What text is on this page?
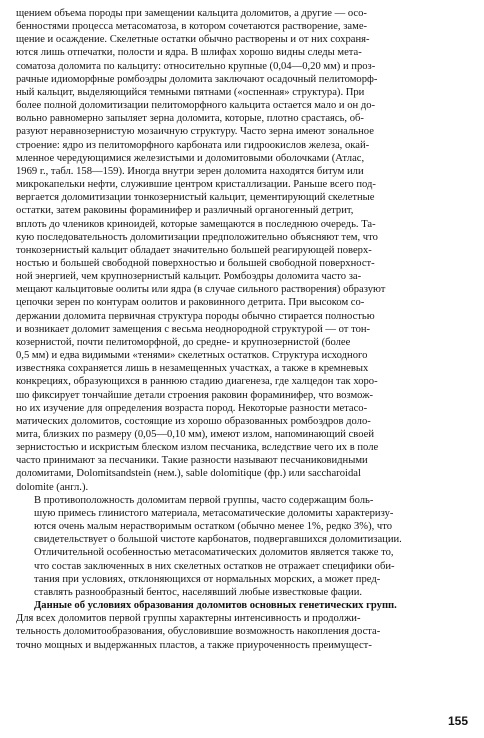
щением объема породы при замещении кальцита доломитов, а другие — осо-
бенностями процесса метасоматоза, в котором сочетаются растворение, заме-
щение и осаждение. Скелетные остатки обычно растворены и от них сохраня-
ются лишь отпечатки, полости и ядра. В шлифах хорошо видны следы мета-
соматоза доломита по кальциту: относительно крупные (0,04—0,20 мм) и проз-
рачные идиоморфные ромбоэдры доломита заключают осадочный пелитоморф-
ный кальцит, выделяющийся темными пятнами («оспенная» структура). При
более полной доломитизации пелитоморфного кальцита остается мало и он до-
вольно равномерно запыляет зерна доломита, которые, плотно срастаясь, об-
разуют неравнозернистую мозаичную структуру. Часто зерна имеют зональное
строение: ядро из пелитоморфного карбоната или гидроокислов железа, окай-
мленное чередующимися железистыми и доломитовыми оболочками (Атлас,
1969 г., табл. 158—159). Иногда внутри зерен доломита находятся битум или
микрокапельки нефти, служившие центром кристаллизации. Раньше всего под-
вергается доломитизации тонкозернистый кальцит, цементирующий скелетные
остатки, затем раковины фораминифер и различный органогенный детрит,
вплоть до члеников криноидей, которые замещаются в последнюю очередь. Та-
кую последовательность доломитизации предположительно объясняют тем, что
тонкозернистый кальцит обладает значительно большей реагирующей поверх-
ностью и большей свободной поверхностью и большей свободной поверхност-
ной энергией, чем крупнозернистый кальцит. Ромбоэдры доломита часто за-
мещают кальцитовые оолиты или ядра (в случае сильного растворения) образуют
цепочки зерен по контурам оолитов и раковинного детрита. При высоком со-
держании доломита первичная структура породы обычно стирается полностью
и возникает доломит замещения с весьма неоднородной структурой — от тон-
козернистой, почти пелитоморфной, до средне- и крупнозернистой (более
0,5 мм) и едва видимыми «тенями» скелетных остатков. Структура исходного
известняка сохраняется лишь в незамещенных участках, а также в кремневых
конкрециях, образующихся в раннюю стадию диагенеза, где халцедон так хоро-
шо фиксирует тончайшие детали строения раковин фораминифер, что возмож-
но их изучение для определения возраста пород. Некоторые разности метасо-
матических доломитов, состоящие из хорошо образованных ромбоэдров доло-
мита, близких по размеру (0,05—0,10 мм), имеют излом, напоминающий своей
зернистостью и искристым блеском излом песчаника, вследствие чего их в поле
часто принимают за песчаники. Такие разности называют песчаниковидными
доломитами, Dolomitsandstein (нем.), sable dolomitique (фр.) или saccharoidal
dolomite (англ.).
В противоположность доломитам первой группы, часто содержащим боль-
шую примесь глинистого материала, метасоматические доломиты характеризу-
ются очень малым нерастворимым остатком (обычно менее 1%, редко 3%), что
свидетельствует о большой чистоте карбонатов, подвергавшихся доломитизации.
Отличительной особенностью метасоматических доломитов является также то,
что состав заключенных в них скелетных остатков не отражает специфики оби-
тания при условиях, отклоняющихся от нормальных морских, а может пред-
ставлять разнообразный бентос, населявший любые известковые фации.
Данные об условиях образования доломитов основных генетических групп.
Для всех доломитов первой группы характерны интенсивность и продолжи-
тельность доломитообразования, обусловившие возможность накопления доста-
точно мощных и выдержанных пластов, а также приуроченность преимущест-
155
